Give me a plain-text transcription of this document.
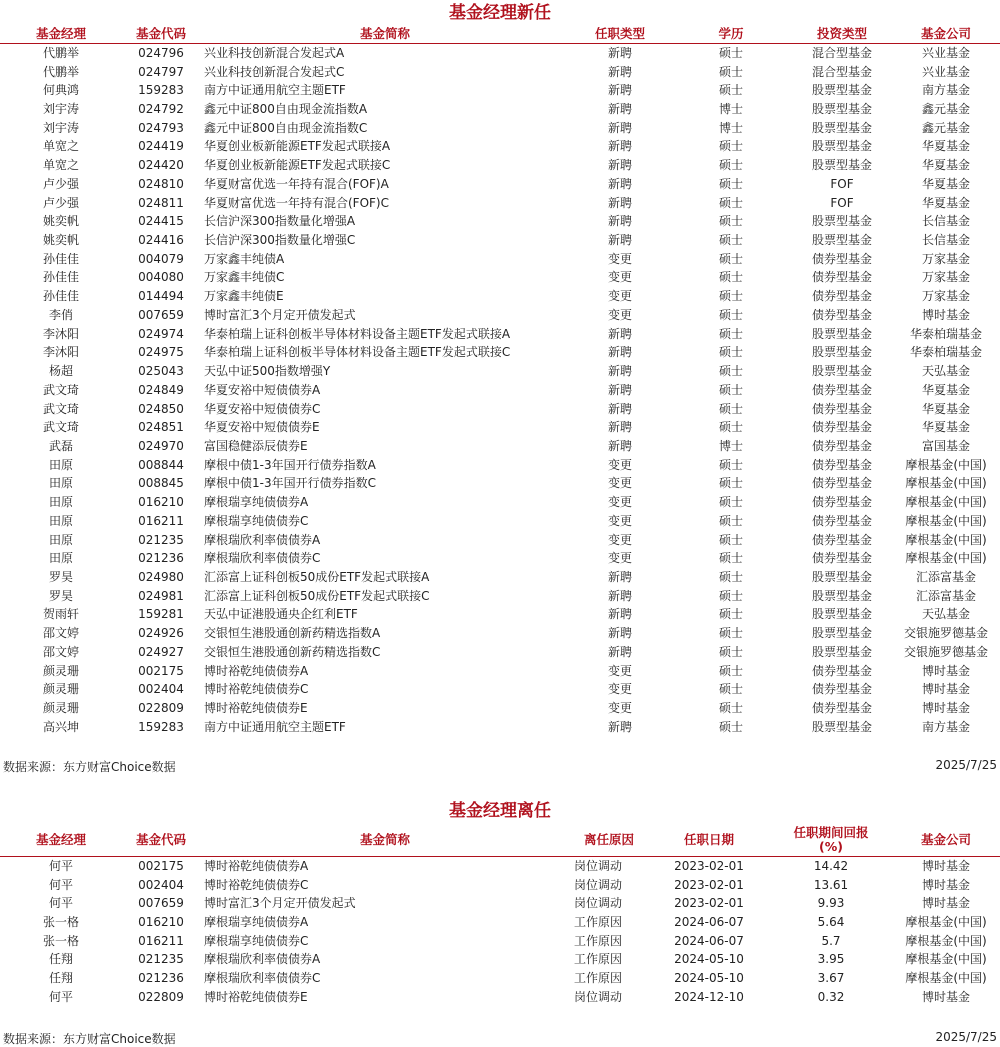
基金经理新任
基金经理	基金代码	基金简称	任职类型	学历	投资类型	基金公司
代鹏举	024796	兴业科技创新混合发起式A	新聘	硕士	混合型基金	兴业基金
代鹏举	024797	兴业科技创新混合发起式C	新聘	硕士	混合型基金	兴业基金
何典鸿	159283	南方中证通用航空主题ETF	新聘	硕士	股票型基金	南方基金
刘宇涛	024792	鑫元中证800自由现金流指数A	新聘	博士	股票型基金	鑫元基金
刘宇涛	024793	鑫元中证800自由现金流指数C	新聘	博士	股票型基金	鑫元基金
单宽之	024419	华夏创业板新能源ETF发起式联接A	新聘	硕士	股票型基金	华夏基金
单宽之	024420	华夏创业板新能源ETF发起式联接C	新聘	硕士	股票型基金	华夏基金
卢少强	024810	华夏财富优选一年持有混合(FOF)A	新聘	硕士	FOF	华夏基金
卢少强	024811	华夏财富优选一年持有混合(FOF)C	新聘	硕士	FOF	华夏基金
姚奕帆	024415	长信沪深300指数量化增强A	新聘	硕士	股票型基金	长信基金
姚奕帆	024416	长信沪深300指数量化增强C	新聘	硕士	股票型基金	长信基金
孙佳佳	004079	万家鑫丰纯债A	变更	硕士	债券型基金	万家基金
孙佳佳	004080	万家鑫丰纯债C	变更	硕士	债券型基金	万家基金
孙佳佳	014494	万家鑫丰纯债E	变更	硕士	债券型基金	万家基金
李俏	007659	博时富汇3个月定开债发起式	变更	硕士	债券型基金	博时基金
李沐阳	024974	华泰柏瑞上证科创板半导体材料设备主题ETF发起式联接A	新聘	硕士	股票型基金	华泰柏瑞基金
李沐阳	024975	华泰柏瑞上证科创板半导体材料设备主题ETF发起式联接C	新聘	硕士	股票型基金	华泰柏瑞基金
杨超	025043	天弘中证500指数增强Y	新聘	硕士	股票型基金	天弘基金
武文琦	024849	华夏安裕中短债债券A	新聘	硕士	债券型基金	华夏基金
武文琦	024850	华夏安裕中短债债券C	新聘	硕士	债券型基金	华夏基金
武文琦	024851	华夏安裕中短债债券E	新聘	硕士	债券型基金	华夏基金
武磊	024970	富国稳健添辰债券E	新聘	博士	债券型基金	富国基金
田原	008844	摩根中债1-3年国开行债券指数A	变更	硕士	债券型基金	摩根基金(中国)
田原	008845	摩根中债1-3年国开行债券指数C	变更	硕士	债券型基金	摩根基金(中国)
田原	016210	摩根瑞享纯债债券A	变更	硕士	债券型基金	摩根基金(中国)
田原	016211	摩根瑞享纯债债券C	变更	硕士	债券型基金	摩根基金(中国)
田原	021235	摩根瑞欣利率债债券A	变更	硕士	债券型基金	摩根基金(中国)
田原	021236	摩根瑞欣利率债债券C	变更	硕士	债券型基金	摩根基金(中国)
罗昊	024980	汇添富上证科创板50成份ETF发起式联接A	新聘	硕士	股票型基金	汇添富基金
罗昊	024981	汇添富上证科创板50成份ETF发起式联接C	新聘	硕士	股票型基金	汇添富基金
贺雨轩	159281	天弘中证港股通央企红利ETF	新聘	硕士	股票型基金	天弘基金
邵文婷	024926	交银恒生港股通创新药精选指数A	新聘	硕士	股票型基金	交银施罗德基金
邵文婷	024927	交银恒生港股通创新药精选指数C	新聘	硕士	股票型基金	交银施罗德基金
颜灵珊	002175	博时裕乾纯债债券A	变更	硕士	债券型基金	博时基金
颜灵珊	002404	博时裕乾纯债债券C	变更	硕士	债券型基金	博时基金
颜灵珊	022809	博时裕乾纯债债券E	变更	硕士	债券型基金	博时基金
高兴坤	159283	南方中证通用航空主题ETF	新聘	硕士	股票型基金	南方基金
数据来源：东方财富Choice数据	2025/7/25
基金经理离任
基金经理	基金代码	基金简称	离任原因	任职日期	任职期间回报(%)	基金公司
何平	002175	博时裕乾纯债债券A	岗位调动	2023-02-01	14.42	博时基金
何平	002404	博时裕乾纯债债券C	岗位调动	2023-02-01	13.61	博时基金
何平	007659	博时富汇3个月定开债发起式	岗位调动	2023-02-01	9.93	博时基金
张一格	016210	摩根瑞享纯债债券A	工作原因	2024-06-07	5.64	摩根基金(中国)
张一格	016211	摩根瑞享纯债债券C	工作原因	2024-06-07	5.7	摩根基金(中国)
任翔	021235	摩根瑞欣利率债债券A	工作原因	2024-05-10	3.95	摩根基金(中国)
任翔	021236	摩根瑞欣利率债债券C	工作原因	2024-05-10	3.67	摩根基金(中国)
何平	022809	博时裕乾纯债债券E	岗位调动	2024-12-10	0.32	博时基金
数据来源：东方财富Choice数据	2025/7/25
